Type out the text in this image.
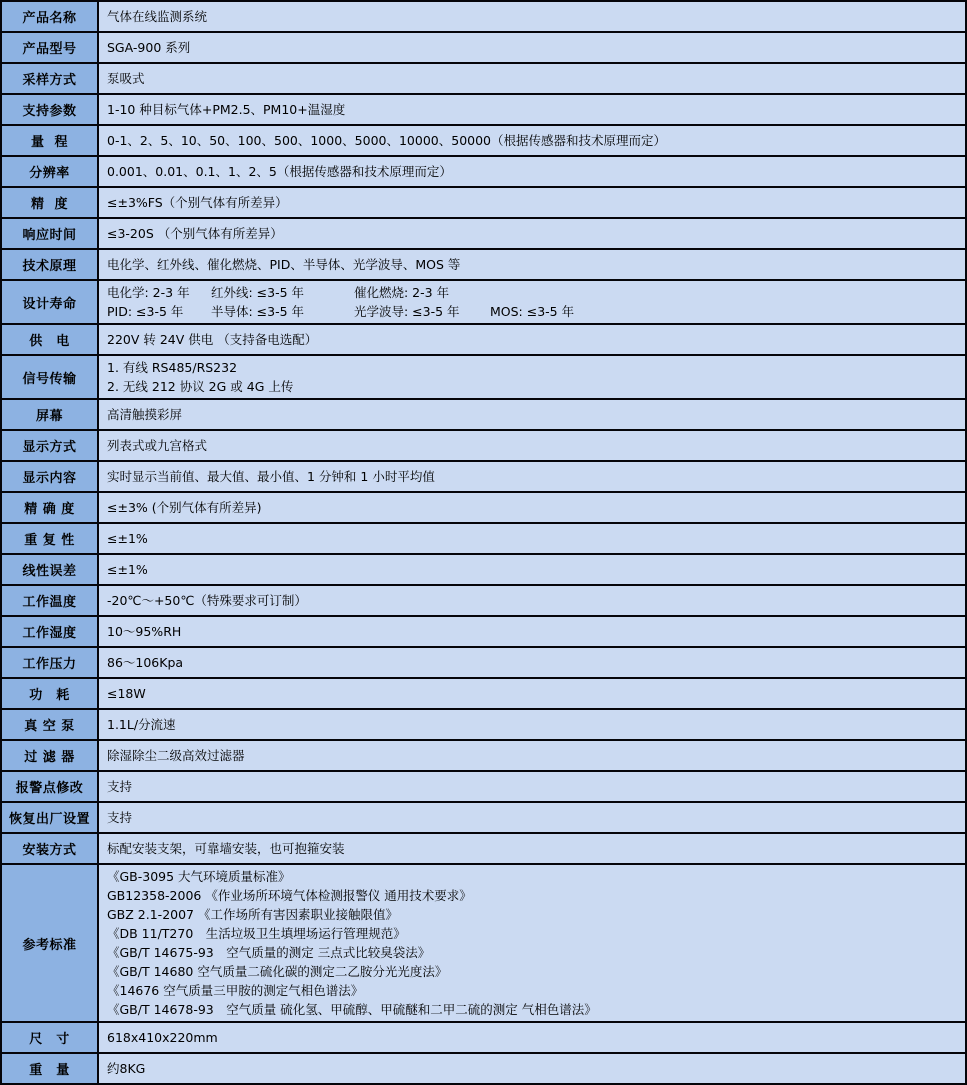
产品名称	气体在线监测系统

产品型号	SGA-900 系列

采样方式	泵吸式

支持参数	1-10 种目标气体+PM2.5、PM10+温湿度

量  程	0-1、2、5、10、50、100、500、1000、5000、10000、50000（根据传感器和技术原理而定）

分辨率	0.001、0.01、0.1、1、2、5（根据传感器和技术原理而定）

精  度	≤±3%FS（个别气体有所差异）

响应时间	≤3-20S （个别气体有所差异）

技术原理	电化学、红外线、催化燃烧、PID、半导体、光学波导、MOS 等

设计寿命	电化学: 2-3 年 红外线: ≤3-5 年 催化燃烧: 2-3 年
PID: ≤3-5 年 半导体: ≤3-5 年 光学波导: ≤3-5 年 MOS: ≤3-5 年

供　电	220V 转 24V 供电 （支持备电选配）

信号传输	1. 有线 RS485/RS232
2. 无线 212 协议 2G 或 4G 上传

屏幕	高清触摸彩屏

显示方式	列表式或九宫格式

显示内容	实时显示当前值、最大值、最小值、1 分钟和 1 小时平均值

精 确 度	≤±3% (个别气体有所差异)

重 复 性	≤±1%

线性误差	≤±1%

工作温度	-20℃～+50℃（特殊要求可订制）

工作湿度	10～95%RH

工作压力	86～106Kpa

功　耗	≤18W

真 空 泵	1.1L/分流速

过 滤 器	除湿除尘二级高效过滤器

报警点修改	支持

恢复出厂设置	支持

安装方式	标配安装支架，可靠墙安装，也可抱箍安装

参考标准	
《GB-3095 大气环境质量标准》
GB12358-2006 《作业场所环境气体检测报警仪 通用技术要求》
GBZ 2.1-2007 《工作场所有害因素职业接触限值》
《DB 11/T270　生活垃圾卫生填埋场运行管理规范》
《GB/T 14675-93　空气质量的测定 三点式比较臭袋法》
《GB/T 14680 空气质量二硫化碳的测定二乙胺分光光度法》
《14676 空气质量三甲胺的测定气相色谱法》
《GB/T 14678-93　空气质量 硫化氢、甲硫醇、甲硫醚和二甲二硫的测定 气相色谱法》

尺　寸	618x410x220mm

重　量	约8KG
